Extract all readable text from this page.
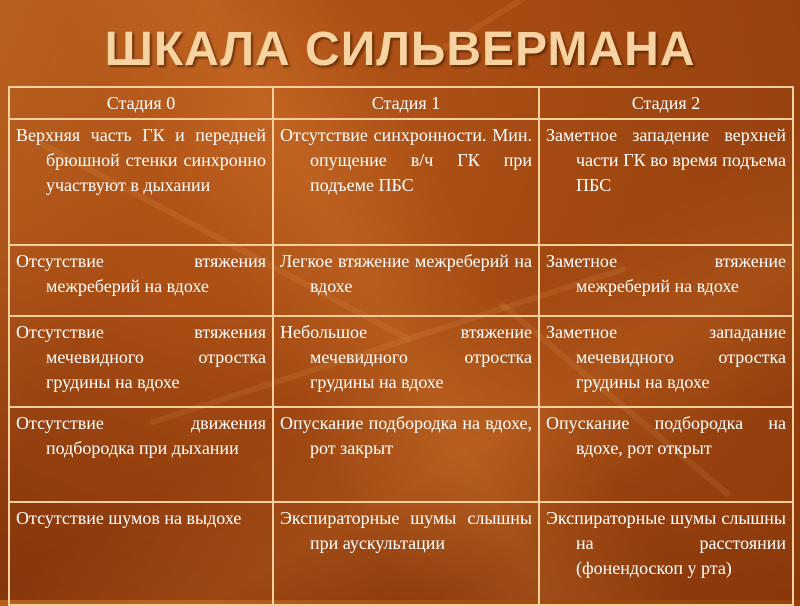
ШКАЛА СИЛЬВЕРМАНА
Стадия 0	Стадия 1	Стадия 2

Верхняя часть ГК и передней брюшной стенки синхронно участвуют в дыхании	Отсутствие синхронности. Мин. опущение в/ч ГК при подъеме ПБС	Заметное западение верхней части ГК во время подъема ПБС

Отсутствие втяжения межреберий на вдохе	Легкое втяжение межреберий на вдохе	Заметное втяжение межреберий на вдохе

Отсутствие втяжения мечевидного отростка грудины на вдохе	Небольшое втяжение мечевидного отростка грудины на вдохе	Заметное западание мечевидного отростка грудины на вдохе

Отсутствие движения подбородка при дыхании	Опускание подбородка на вдохе, рот закрыт	Опускание подбородка на вдохе, рот открыт

Отсутствие шумов на выдохе	Экспираторные шумы слышны при аускультации	Экспираторные шумы слышны на расстоянии (фонендоскоп у рта)
